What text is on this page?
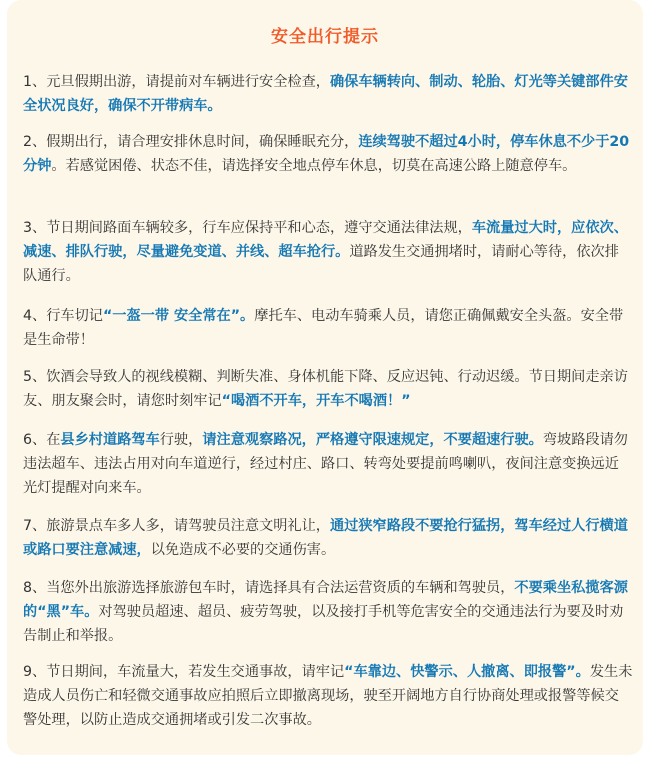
安全出行提示
1、元旦假期出游，请提前对车辆进行安全检查，确保车辆转向、制动、轮胎、灯光等关键部件安全状况良好，确保不开带病车。
2、假期出行，请合理安排休息时间，确保睡眠充分，连续驾驶不超过4小时，停车休息不少于20分钟。若感觉困倦、状态不佳，请选择安全地点停车休息，切莫在高速公路上随意停车。
3、节日期间路面车辆较多，行车应保持平和心态，遵守交通法律法规，车流量过大时，应依次、减速、排队行驶，尽量避免变道、并线、超车抢行。道路发生交通拥堵时，请耐心等待，依次排队通行。
4、行车切记“一盔一带 安全常在”。摩托车、电动车骑乘人员，请您正确佩戴安全头盔。安全带是生命带！
5、饮酒会导致人的视线模糊、判断失准、身体机能下降、反应迟钝、行动迟缓。节日期间走亲访友、朋友聚会时，请您时刻牢记“喝酒不开车，开车不喝酒！”
6、在县乡村道路驾车行驶，请注意观察路况，严格遵守限速规定，不要超速行驶。弯坡路段请勿违法超车、违法占用对向车道逆行，经过村庄、路口、转弯处要提前鸣喇叭，夜间注意变换远近光灯提醒对向来车。
7、旅游景点车多人多，请驾驶员注意文明礼让，通过狭窄路段不要抢行猛拐，驾车经过人行横道或路口要注意减速，以免造成不必要的交通伤害。
8、当您外出旅游选择旅游包车时，请选择具有合法运营资质的车辆和驾驶员，不要乘坐私揽客源的“黑”车。对驾驶员超速、超员、疲劳驾驶，以及接打手机等危害安全的交通违法行为要及时劝告制止和举报。
9、节日期间，车流量大，若发生交通事故，请牢记“车靠边、快警示、人撤离、即报警”。发生未造成人员伤亡和轻微交通事故应拍照后立即撤离现场，驶至开阔地方自行协商处理或报警等候交警处理，以防止造成交通拥堵或引发二次事故。
